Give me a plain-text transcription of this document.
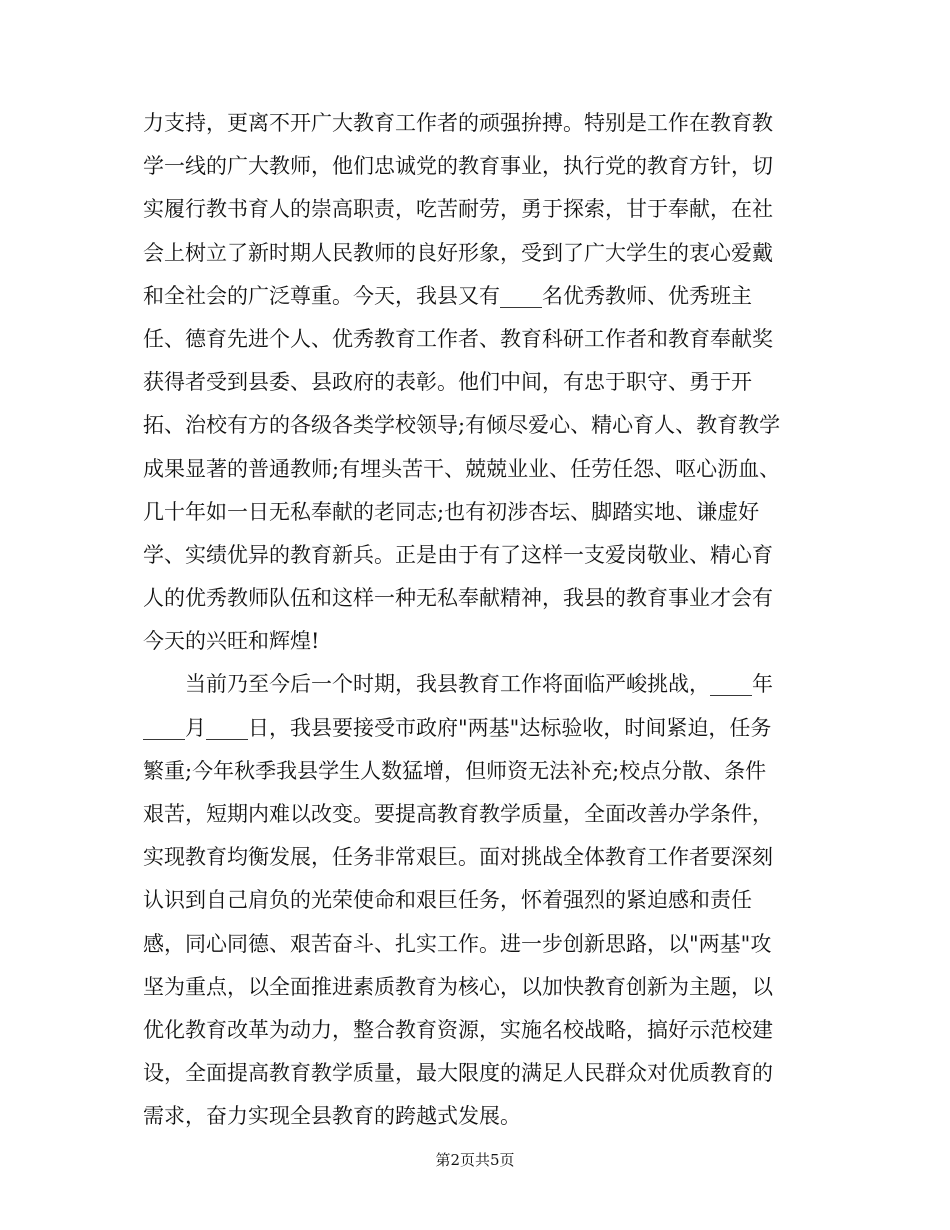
力支持，更离不开广大教育工作者的顽强拚搏。特别是工作在教育教
学一线的广大教师，他们忠诚党的教育事业，执行党的教育方针，切
实履行教书育人的崇高职责，吃苦耐劳，勇于探索，甘于奉献，在社
会上树立了新时期人民教师的良好形象，受到了广大学生的衷心爱戴
和全社会的广泛尊重。今天，我县又有____名优秀教师、优秀班主
任、德育先进个人、优秀教育工作者、教育科研工作者和教育奉献奖
获得者受到县委、县政府的表彰。他们中间，有忠于职守、勇于开
拓、治校有方的各级各类学校领导;有倾尽爱心、精心育人、教育教学
成果显著的普通教师;有埋头苦干、兢兢业业、任劳任怨、呕心沥血、
几十年如一日无私奉献的老同志;也有初涉杏坛、脚踏实地、谦虚好
学、实绩优异的教育新兵。正是由于有了这样一支爱岗敬业、精心育
人的优秀教师队伍和这样一种无私奉献精神，我县的教育事业才会有
今天的兴旺和辉煌!
当前乃至今后一个时期，我县教育工作将面临严峻挑战，____年
____月____日，我县要接受市政府"两基"达标验收，时间紧迫，任务
繁重;今年秋季我县学生人数猛增，但师资无法补充;校点分散、条件
艰苦，短期内难以改变。要提高教育教学质量，全面改善办学条件，
实现教育均衡发展，任务非常艰巨。面对挑战全体教育工作者要深刻
认识到自己肩负的光荣使命和艰巨任务，怀着强烈的紧迫感和责任
感，同心同德、艰苦奋斗、扎实工作。进一步创新思路，以"两基"攻
坚为重点，以全面推进素质教育为核心，以加快教育创新为主题，以
优化教育改革为动力，整合教育资源，实施名校战略，搞好示范校建
设，全面提高教育教学质量，最大限度的满足人民群众对优质教育的
需求，奋力实现全县教育的跨越式发展。
第2页共5页
